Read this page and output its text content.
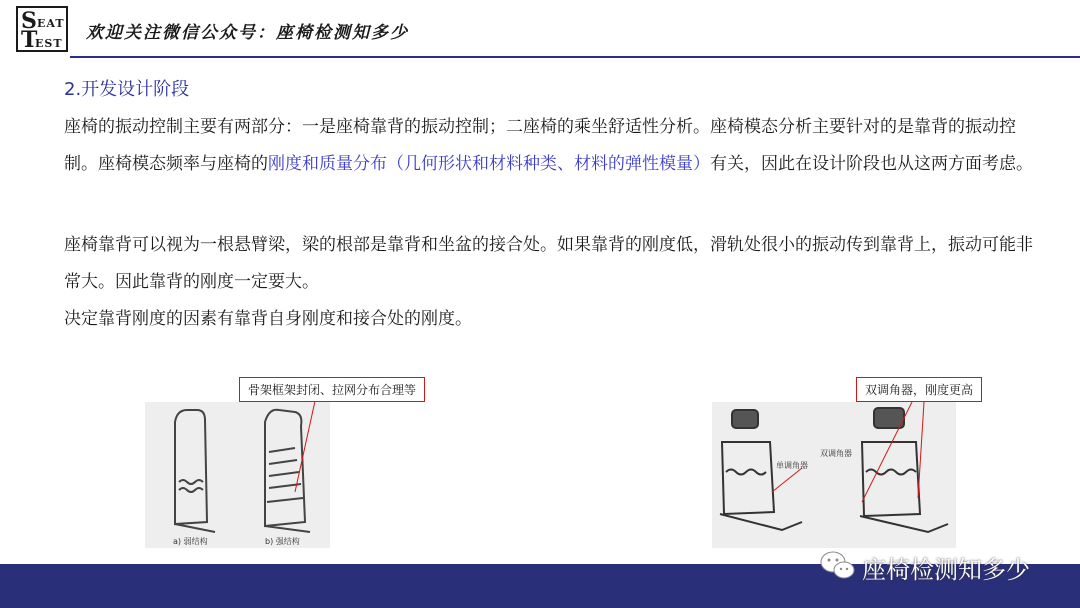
S EAT
T
EST
欢迎关注微信公众号：座椅检测知多少
2.开发设计阶段

座椅的振动控制主要有两部分：一是座椅靠背的振动控制；二座椅的乘坐舒适性分析。座椅模态分析主要针对的是靠背的振动控制。座椅模态频率与座椅的刚度和质量分布（几何形状和材料种类、材料的弹性模量）有关，因此在设计阶段也从这两方面考虑。

座椅靠背可以视为一根悬臂梁，梁的根部是靠背和坐盆的接合处。如果靠背的刚度低，滑轨处很小的振动传到靠背上，振动可能非常大。因此靠背的刚度一定要大。

决定靠背刚度的因素有靠背自身刚度和接合处的刚度。

a) 弱结构	b) 强结构
骨架框架封闭、拉网分布合理等
单调角器
双调角器
双调角器，刚度更高
座椅检测知多少
